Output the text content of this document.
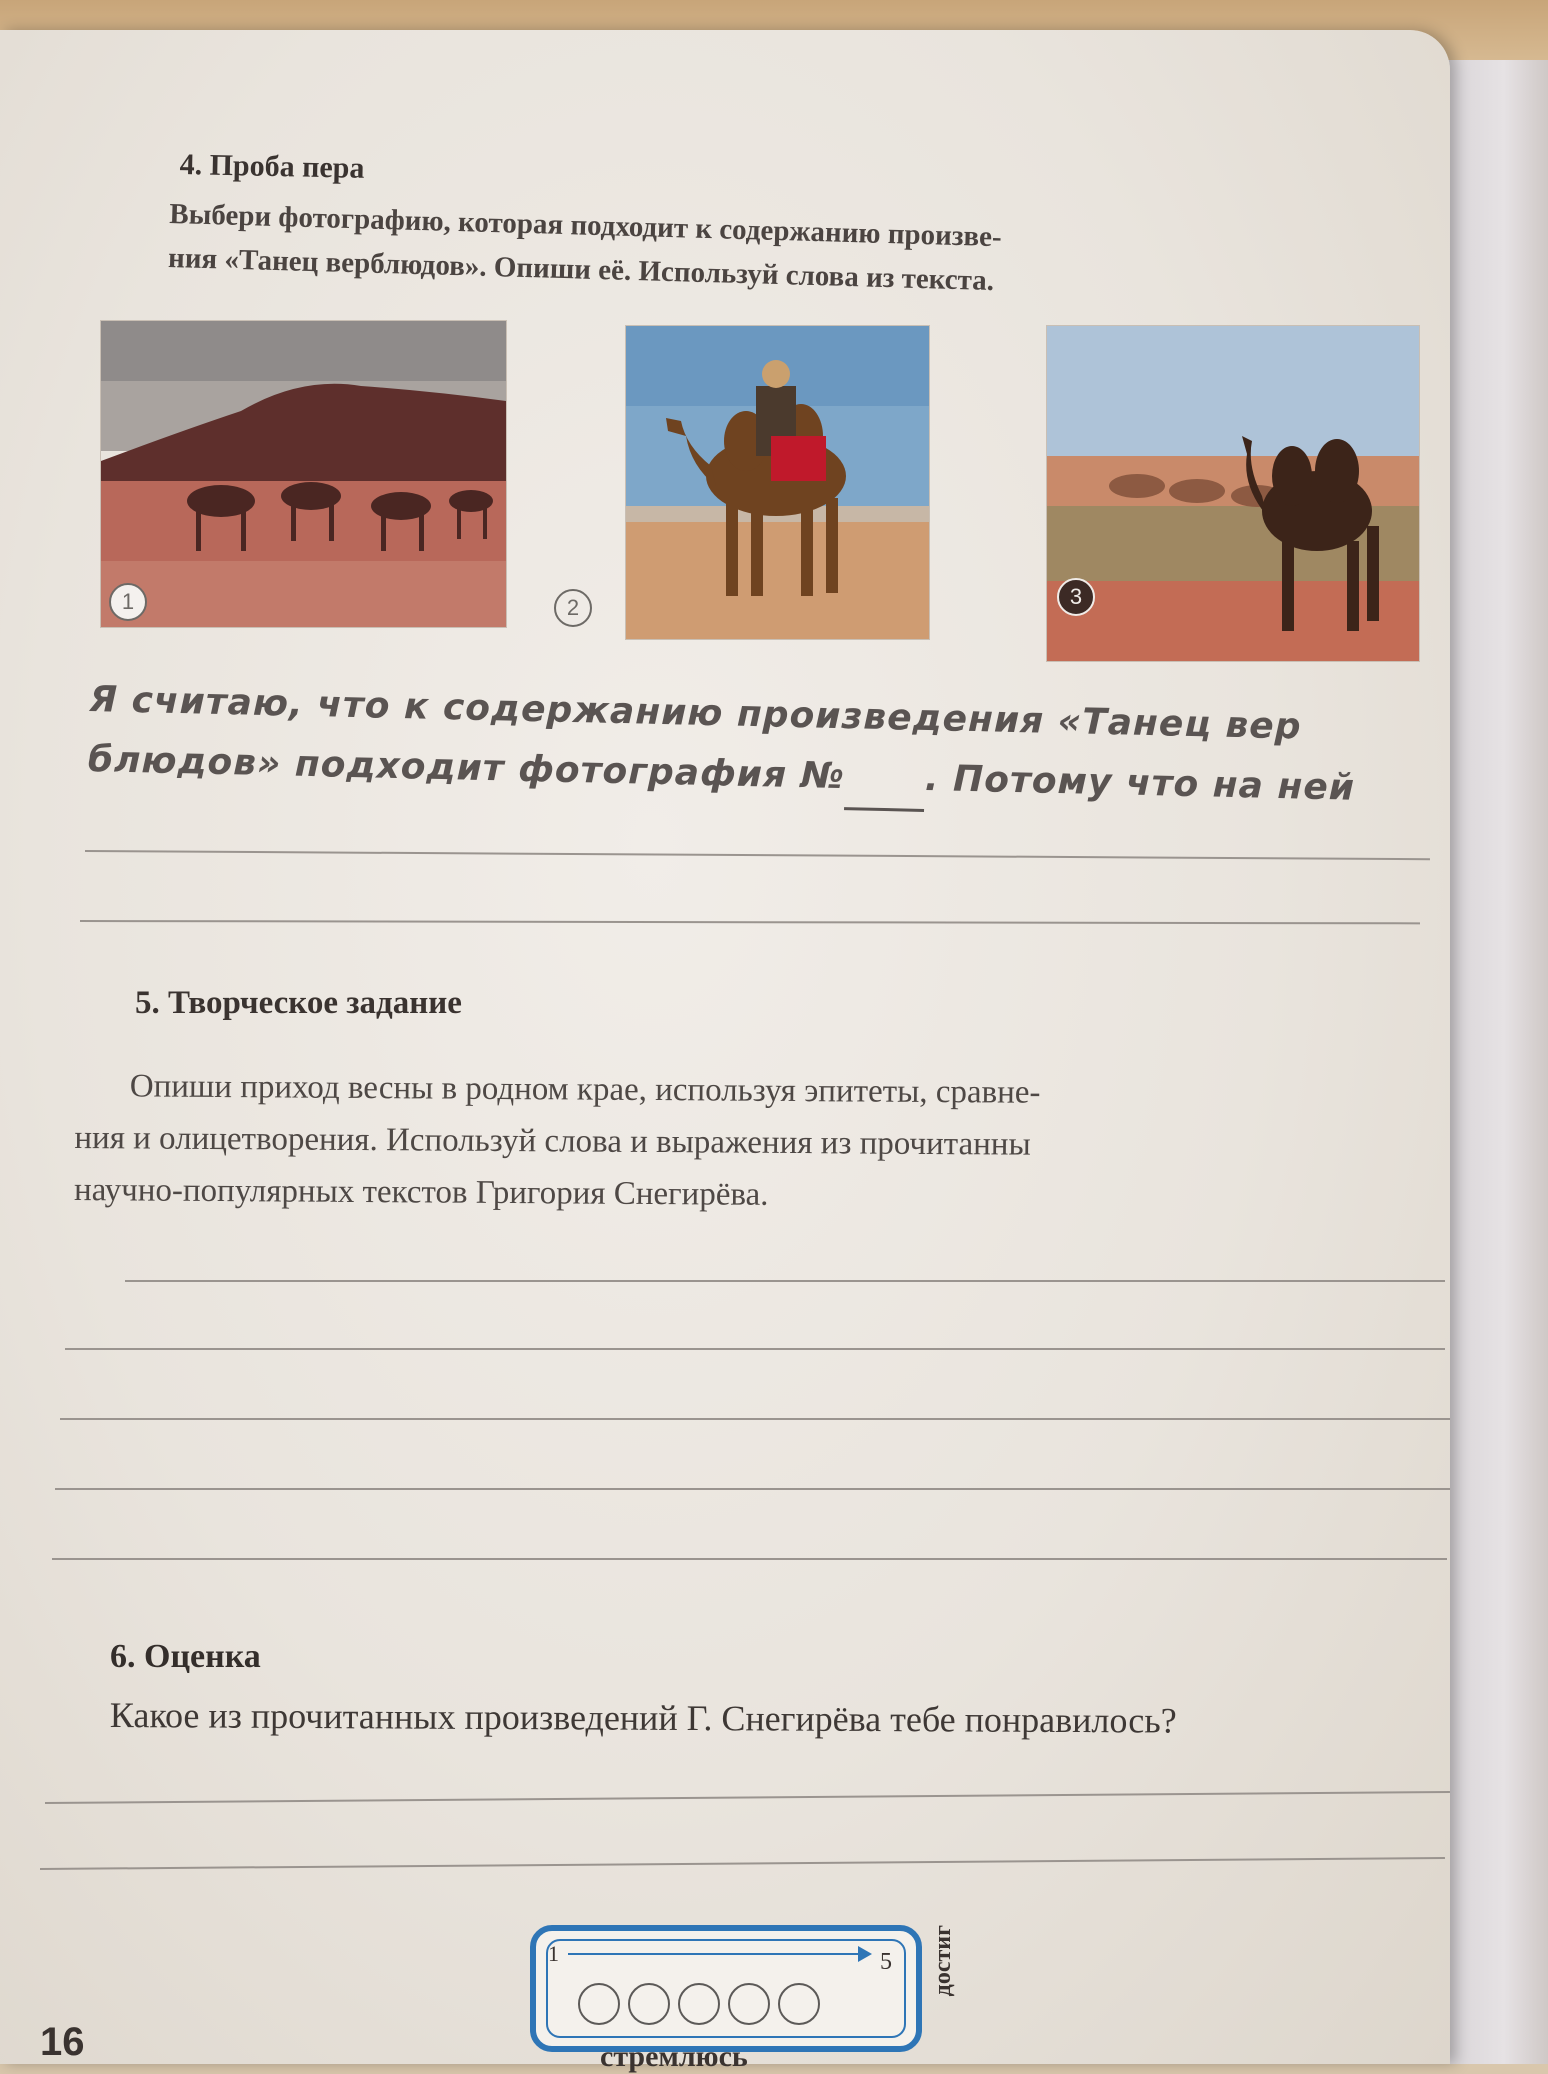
4. Проба пера
Выбери фотографию, которая подходит к содержанию произве-
ния «Танец верблюдов». Опиши её. Используй слова из текста.
1	2	3
Я считаю, что к содержанию произведения «Танец вер
блюдов» подходит фотография № . Потому что на ней
5. Творческое задание
Опиши приход весны в родном крае, используя эпитеты, сравне-
ния и олицетворения. Используй слова и выражения из прочитанны
научно-популярных текстов Григория Снегирёва.
6. Оценка
Какое из прочитанных произведений Г. Снегирёва тебе понравилось?
1	5 достиг
стремлюсь
16
